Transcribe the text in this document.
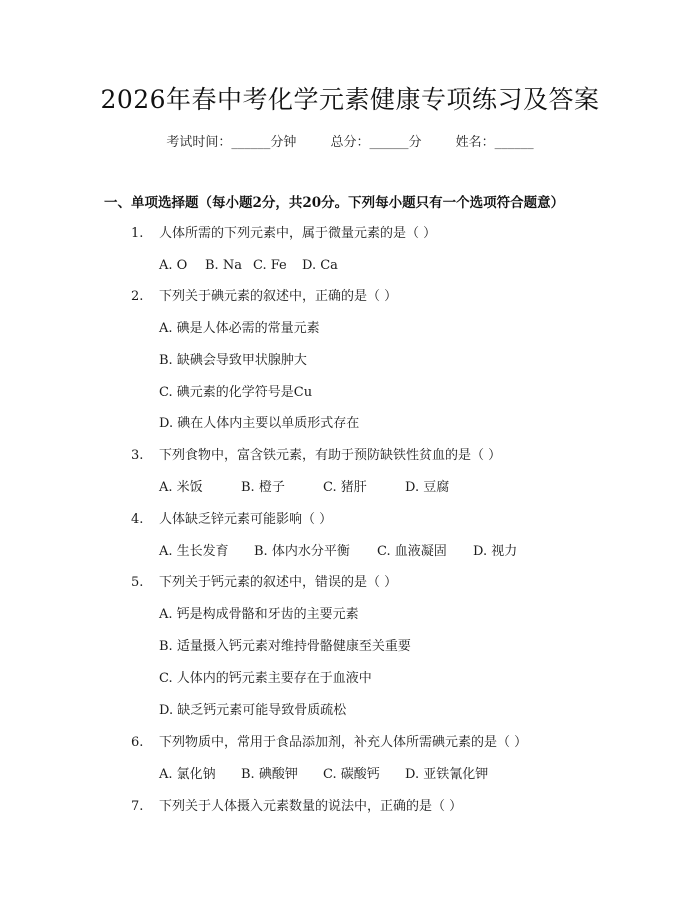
2026年春中考化学元素健康专项练习及答案
考试时间：______分钟	总分：______分	姓名：______
一、单项选择题（每小题2分，共20分。下列每小题只有一个选项符合题意）
1. 人体所需的下列元素中，属于微量元素的是（ ）
A. O B. Na C. Fe D. Ca
2. 下列关于碘元素的叙述中，正确的是（ ）
A. 碘是人体必需的常量元素
B. 缺碘会导致甲状腺肿大
C. 碘元素的化学符号是Cu
D. 碘在人体内主要以单质形式存在
3. 下列食物中，富含铁元素，有助于预防缺铁性贫血的是（ ）
A. 米饭	B. 橙子	C. 猪肝	D. 豆腐
4. 人体缺乏锌元素可能影响（ ）
A. 生长发育 B. 体内水分平衡 C. 血液凝固 D. 视力
5. 下列关于钙元素的叙述中，错误的是（ ）
A. 钙是构成骨骼和牙齿的主要元素
B. 适量摄入钙元素对维持骨骼健康至关重要
C. 人体内的钙元素主要存在于血液中
D. 缺乏钙元素可能导致骨质疏松
6. 下列物质中，常用于食品添加剂，补充人体所需碘元素的是（ ）
A. 氯化钠 B. 碘酸钾 C. 碳酸钙 D. 亚铁氰化钾
7. 下列关于人体摄入元素数量的说法中，正确的是（ ）
